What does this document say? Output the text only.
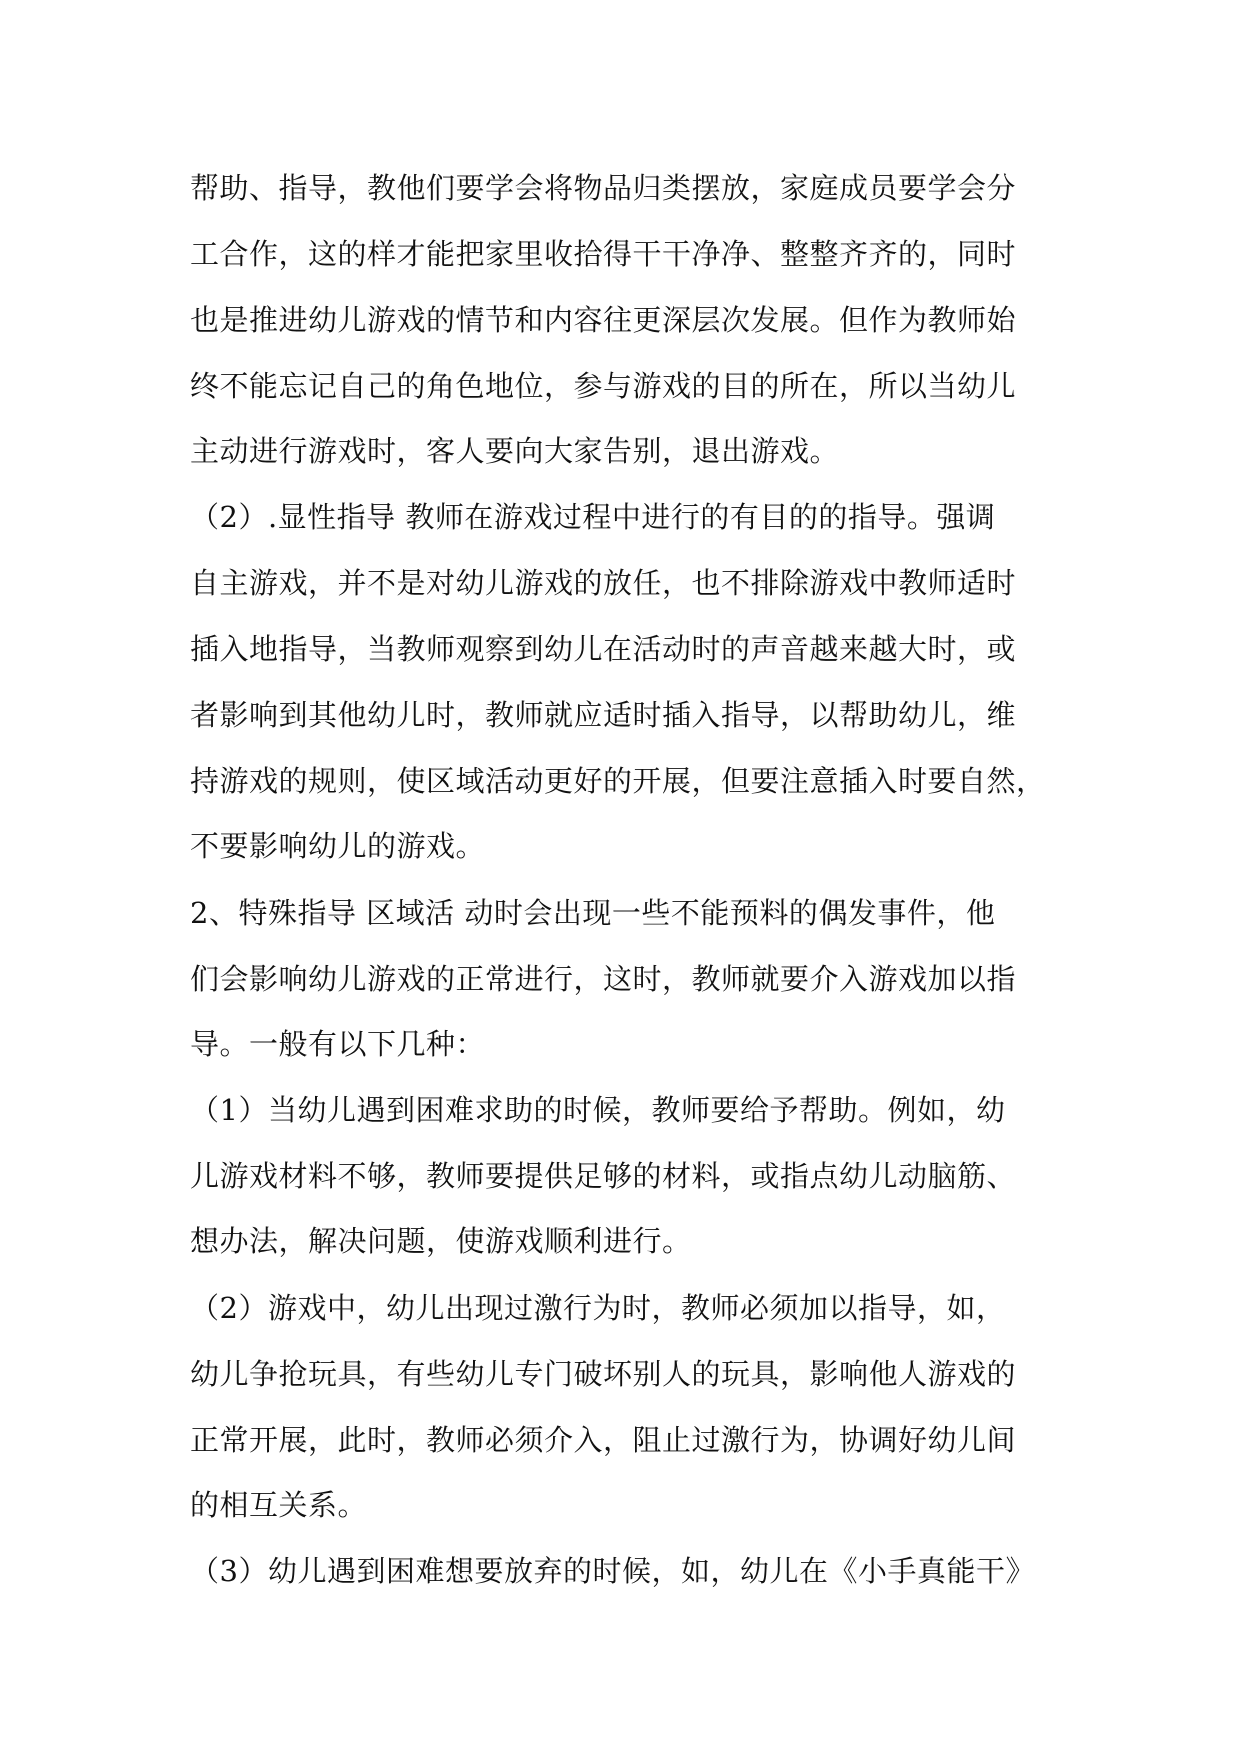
帮助、指导，教他们要学会将物品归类摆放，家庭成员要学会分
工合作，这的样才能把家里收拾得干干净净、整整齐齐的，同时
也是推进幼儿游戏的情节和内容往更深层次发展。但作为教师始
终不能忘记自己的角色地位，参与游戏的目的所在，所以当幼儿
主动进行游戏时，客人要向大家告别，退出游戏。
（2）.显性指导 教师在游戏过程中进行的有目的的指导。强调
自主游戏，并不是对幼儿游戏的放任，也不排除游戏中教师适时
插入地指导，当教师观察到幼儿在活动时的声音越来越大时，或
者影响到其他幼儿时，教师就应适时插入指导，以帮助幼儿，维
持游戏的规则，使区域活动更好的开展，但要注意插入时要自然，
不要影响幼儿的游戏。
2、特殊指导 区域活 动时会出现一些不能预料的偶发事件，他
们会影响幼儿游戏的正常进行，这时，教师就要介入游戏加以指
导。一般有以下几种：
（1）当幼儿遇到困难求助的时候，教师要给予帮助。例如，幼
儿游戏材料不够，教师要提供足够的材料，或指点幼儿动脑筋、
想办法，解决问题，使游戏顺利进行。
（2）游戏中，幼儿出现过激行为时，教师必须加以指导，如，
幼儿争抢玩具，有些幼儿专门破坏别人的玩具，影响他人游戏的
正常开展，此时，教师必须介入，阻止过激行为，协调好幼儿间
的相互关系。
（3）幼儿遇到困难想要放弃的时候，如，幼儿在《小手真能干》
